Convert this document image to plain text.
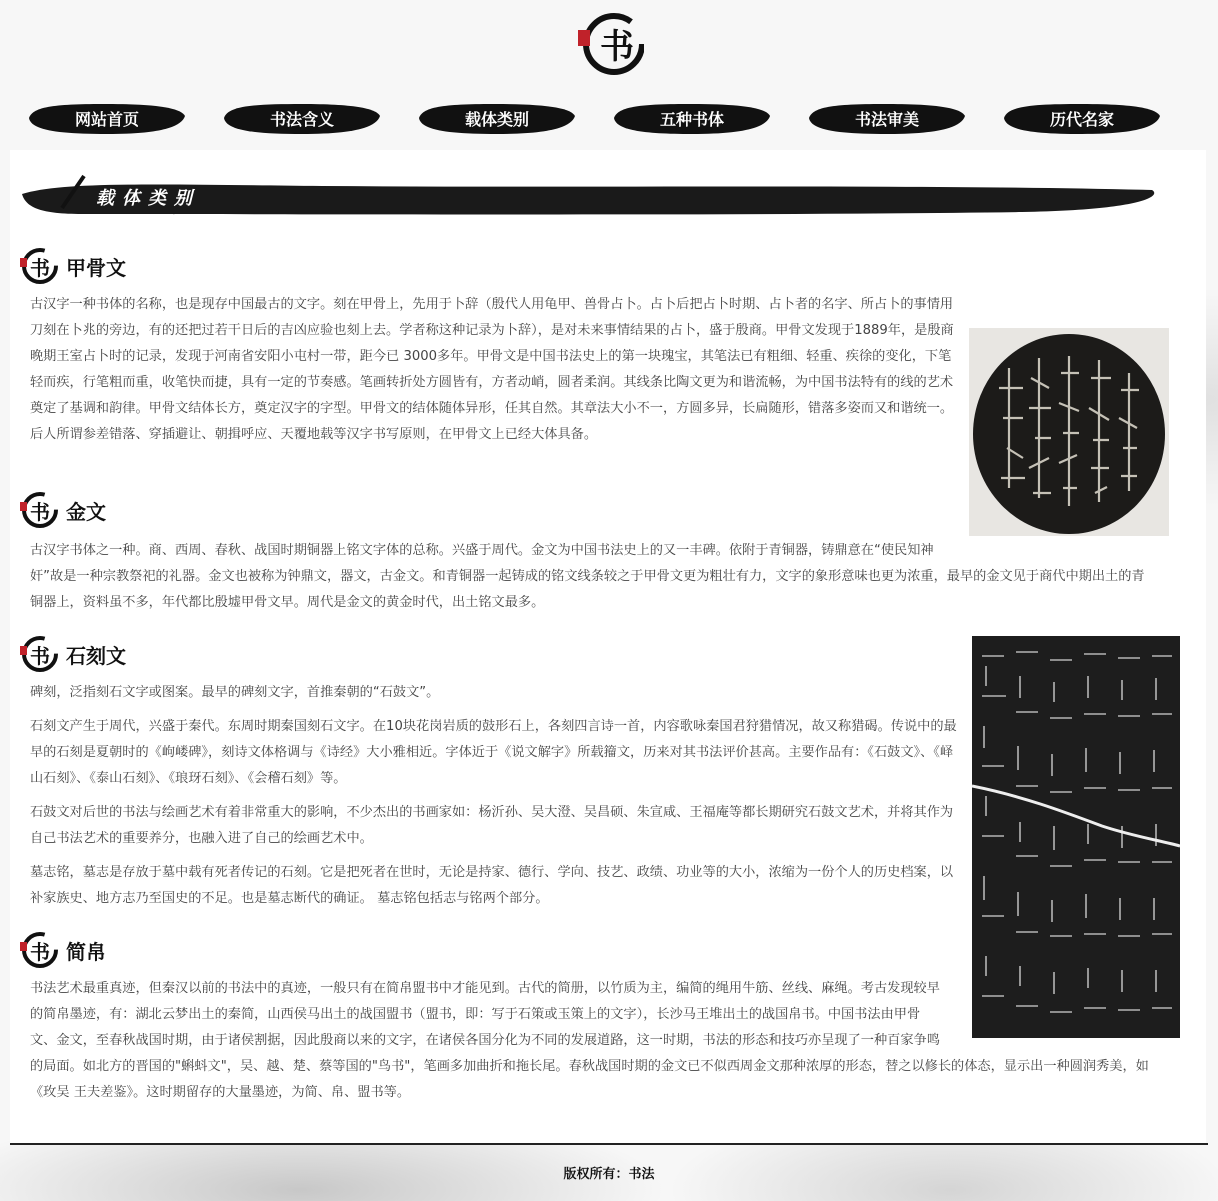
书
网站首页	书法含义	载体类别	五种书体	书法审美	历代名家
载体类别
书 甲骨文
古汉字一种书体的名称，也是现存中国最古的文字。刻在甲骨上，先用于卜辞（殷代人用龟甲、兽骨占卜。占卜后把占卜时期、占卜者的名字、所占卜的事情用刀刻在卜兆的旁边，有的还把过若干日后的吉凶应验也刻上去。学者称这种记录为卜辞），是对未来事情结果的占卜，盛于殷商。甲骨文发现于1889年，是殷商晚期王室占卜时的记录，发现于河南省安阳小屯村一带，距今已 3000多年。甲骨文是中国书法史上的第一块瑰宝，其笔法已有粗细、轻重、疾徐的变化，下笔轻而疾，行笔粗而重，收笔快而捷，具有一定的节奏感。笔画转折处方圆皆有，方者动峭，圆者柔润。其线条比陶文更为和谐流畅，为中国书法特有的线的艺术奠定了基调和韵律。甲骨文结体长方，奠定汉字的字型。甲骨文的结体随体异形，任其自然。其章法大小不一，方圆多异，长扁随形，错落多姿而又和谐统一。后人所谓参差错落、穿插避让、朝揖呼应、天覆地载等汉字书写原则，在甲骨文上已经大体具备。
书 金文
古汉字书体之一种。商、西周、春秋、战国时期铜器上铭文字体的总称。兴盛于周代。金文为中国书法史上的又一丰碑。依附于青铜器，铸鼎意在“使民知神奸”故是一种宗教祭祀的礼器。金文也被称为钟鼎文，器文，古金文。和青铜器一起铸成的铭文线条较之于甲骨文更为粗壮有力，文字的象形意味也更为浓重，最早的金文见于商代中期出土的青铜器上，资料虽不多，年代都比殷墟甲骨文早。周代是金文的黄金时代，出土铭文最多。
书 石刻文
碑刻，泛指刻石文字或图案。最早的碑刻文字，首推秦朝的“石鼓文”。
石刻文产生于周代，兴盛于秦代。东周时期秦国刻石文字。在10块花岗岩质的鼓形石上，各刻四言诗一首，内容歌咏秦国君狩猎情况，故又称猎碣。传说中的最早的石刻是夏朝时的《岣嵝碑》，刻诗文体格调与《诗经》大小雅相近。字体近于《说文解字》所载籀文，历来对其书法评价甚高。主要作品有：《石鼓文》、《峄山石刻》、《泰山石刻》、《琅玡石刻》、《会稽石刻》等。
石鼓文对后世的书法与绘画艺术有着非常重大的影响，不少杰出的书画家如：杨沂孙、吴大澄、吴昌硕、朱宣咸、王福庵等都长期研究石鼓文艺术，并将其作为自己书法艺术的重要养分，也融入进了自己的绘画艺术中。
墓志铭，墓志是存放于墓中载有死者传记的石刻。它是把死者在世时，无论是持家、德行、学向、技艺、政绩、功业等的大小，浓缩为一份个人的历史档案，以补家族史、地方志乃至国史的不足。也是墓志断代的确证。 墓志铭包括志与铭两个部分。
书 简帛
书法艺术最重真迹，但秦汉以前的书法中的真迹，一般只有在简帛盟书中才能见到。古代的简册，以竹质为主，编简的绳用牛筋、丝线、麻绳。考古发现较早的简帛墨迹，有：湖北云梦出土的秦简，山西侯马出土的战国盟书（盟书，即：写于石策或玉策上的文字），长沙马王堆出土的战国帛书。中国书法由甲骨文、金文，至春秋战国时期，由于诸侯割据，因此殷商以来的文字，在诸侯各国分化为不同的发展道路，这一时期，书法的形态和技巧亦呈现了一种百家争鸣的局面。如北方的晋国的"蝌蚪文"，吴、越、楚、蔡等国的"鸟书"，笔画多加曲折和拖长尾。春秋战国时期的金文已不似西周金文那种浓厚的形态，替之以修长的体态，显示出一种圆润秀美，如《玫吴 王夫差鉴》。这时期留存的大量墨迹，为简、帛、盟书等。
版权所有：书法
